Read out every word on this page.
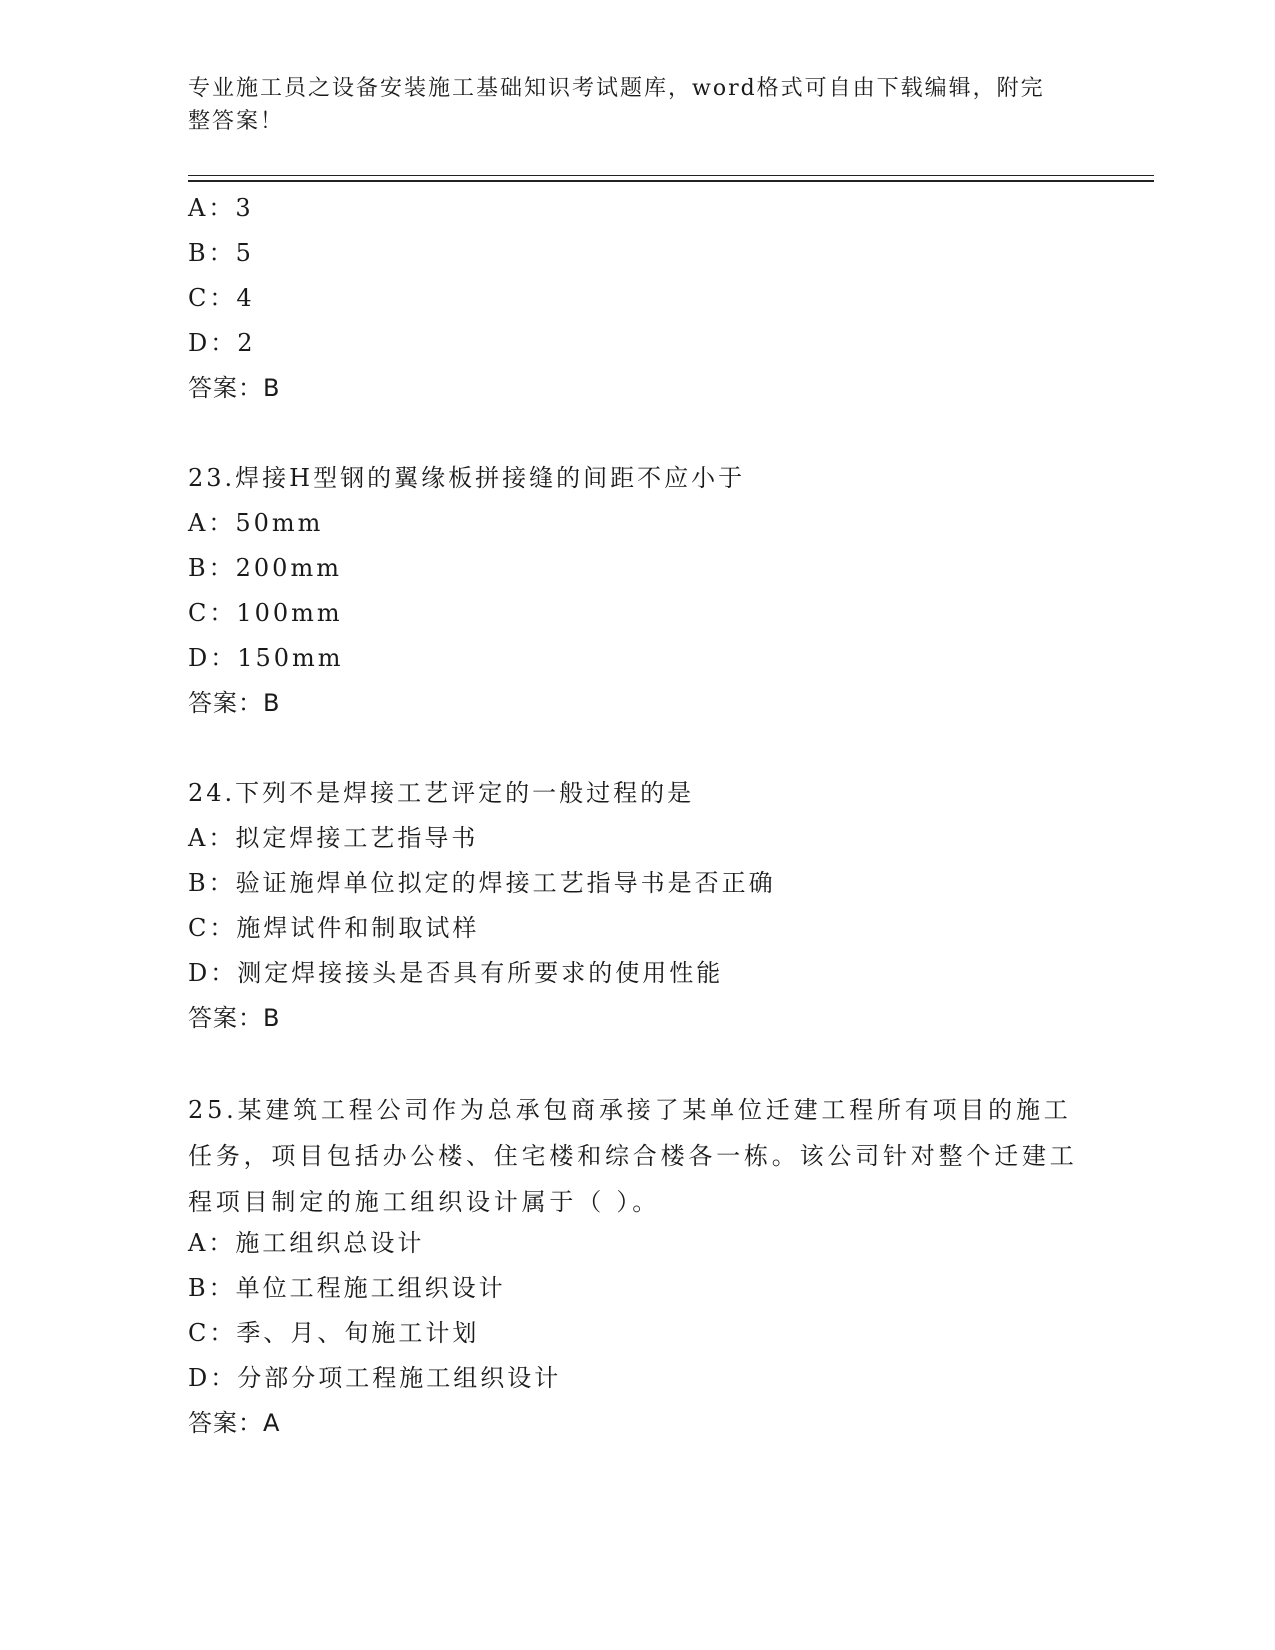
专业施工员之设备安装施工基础知识考试题库，word格式可自由下载编辑，附完整答案！
A：3
B：5
C：4
D：2
答案：B
23.焊接H型钢的翼缘板拼接缝的间距不应小于
A：50mm
B：200mm
C：100mm
D：150mm
答案：B
24.下列不是焊接工艺评定的一般过程的是
A：拟定焊接工艺指导书
B：验证施焊单位拟定的焊接工艺指导书是否正确
C：施焊试件和制取试样
D：测定焊接接头是否具有所要求的使用性能
答案：B
25.某建筑工程公司作为总承包商承接了某单位迁建工程所有项目的施工任务，项目包括办公楼、住宅楼和综合楼各一栋。该公司针对整个迁建工程项目制定的施工组织设计属于（ ）。
A：施工组织总设计
B：单位工程施工组织设计
C：季、月、旬施工计划
D：分部分项工程施工组织设计
答案：A
